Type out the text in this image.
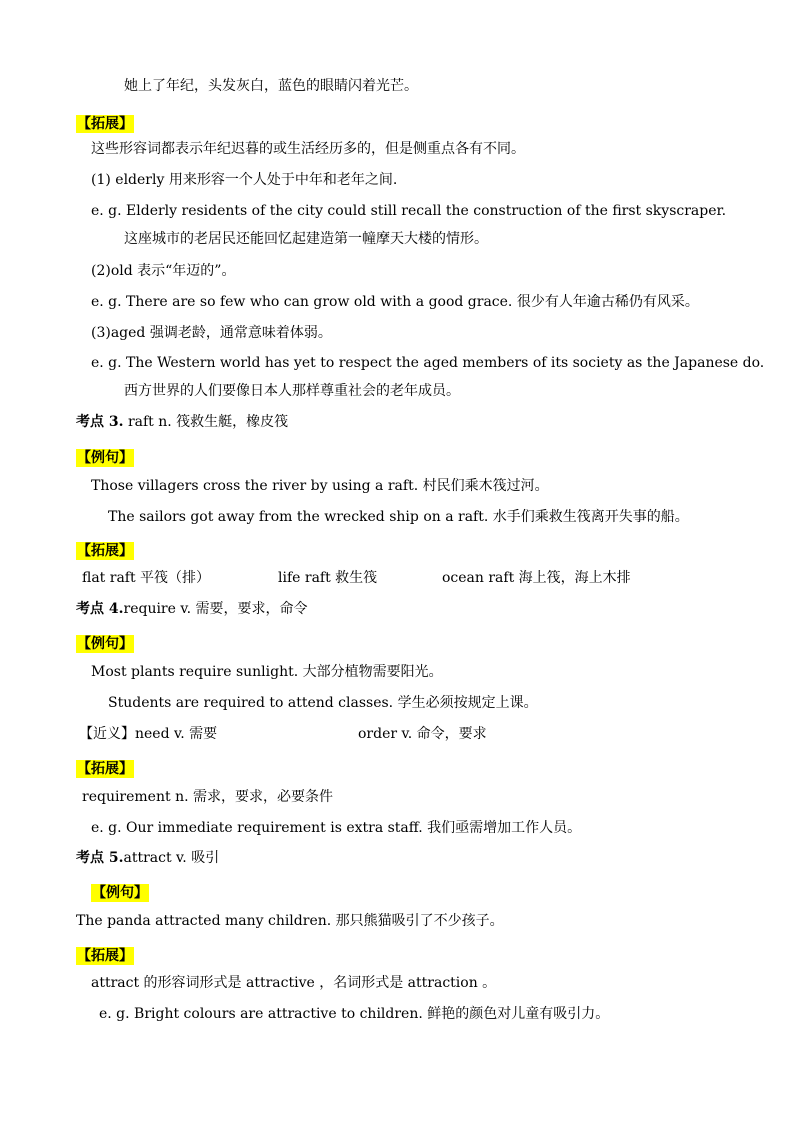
她上了年纪，头发灰白，蓝色的眼睛闪着光芒。
【拓展】
这些形容词都表示年纪迟暮的或生活经历多的，但是侧重点各有不同。
(1) elderly 用来形容一个人处于中年和老年之间.
e. g. Elderly residents of the city could still recall the construction of the first skyscraper.
这座城市的老居民还能回忆起建造第一幢摩天大楼的情形。
(2)old 表示“年迈的”。
e. g. There are so few who can grow old with a good grace. 很少有人年逾古稀仍有风采。
(3)aged 强调老龄，通常意味着体弱。
e. g. The Western world has yet to respect the aged members of its society as the Japanese do.
西方世界的人们要像日本人那样尊重社会的老年成员。
考点 3. raft n. 筏救生艇，橡皮筏
【例句】
Those villagers cross the river by using a raft. 村民们乘木筏过河。
The sailors got away from the wrecked ship on a raft. 水手们乘救生筏离开失事的船。
【拓展】
flat raft 平筏（排）	life raft 救生筏	ocean raft 海上筏，海上木排
考点 4.require v. 需要，要求，命令
【例句】
Most plants require sunlight. 大部分植物需要阳光。
Students are required to attend classes. 学生必须按规定上课。
【近义】need v. 需要	order v. 命令，要求
【拓展】
requirement n. 需求，要求，必要条件
e. g. Our immediate requirement is extra staff. 我们亟需增加工作人员。
考点 5.attract v. 吸引
【例句】
The panda attracted many children. 那只熊猫吸引了不少孩子。
【拓展】
attract 的形容词形式是 attractive ，名词形式是 attraction 。
e. g. Bright colours are attractive to children. 鲜艳的颜色对儿童有吸引力。
